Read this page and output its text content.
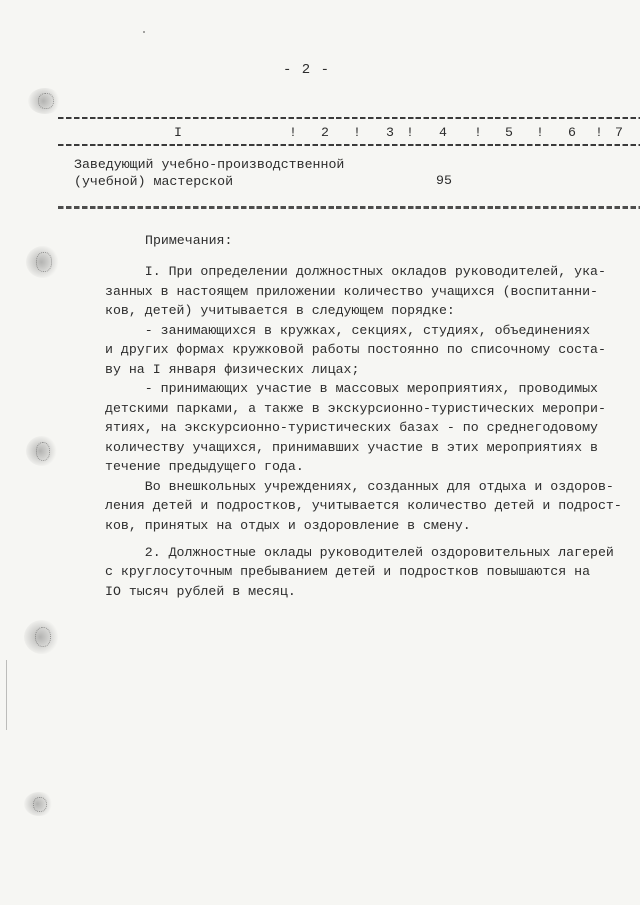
- 2 -
I	! 2 ! 3 ! 4 ! 5 ! 6 ! 7
Заведующий учебно-производственной
(учебной) мастерской	95
Примечания:
I. При определении должностных окладов руководителей, ука-
занных в настоящем приложении количество учащихся (воспитанни-
ков, детей) учитывается в следующем порядке:
- занимающихся в кружках, секциях, студиях, объединениях
и других формах кружковой работы постоянно по списочному соста-
ву на I января физических лицах;
- принимающих участие в массовых мероприятиях, проводимых
детскими парками, а также в экскурсионно-туристических меропри-
ятиях, на экскурсионно-туристических базах - по среднегодовому
количеству учащихся, принимавших участие в этих мероприятиях в
течение предыдущего года.
Во внешкольных учреждениях, созданных для отдыха и оздоров-
ления детей и подростков, учитывается количество детей и подрост-
ков, принятых на отдых и оздоровление в смену.
2. Должностные оклады руководителей оздоровительных лагерей
с круглосуточным пребыванием детей и подростков повышаются на
IO тысяч рублей в месяц.
